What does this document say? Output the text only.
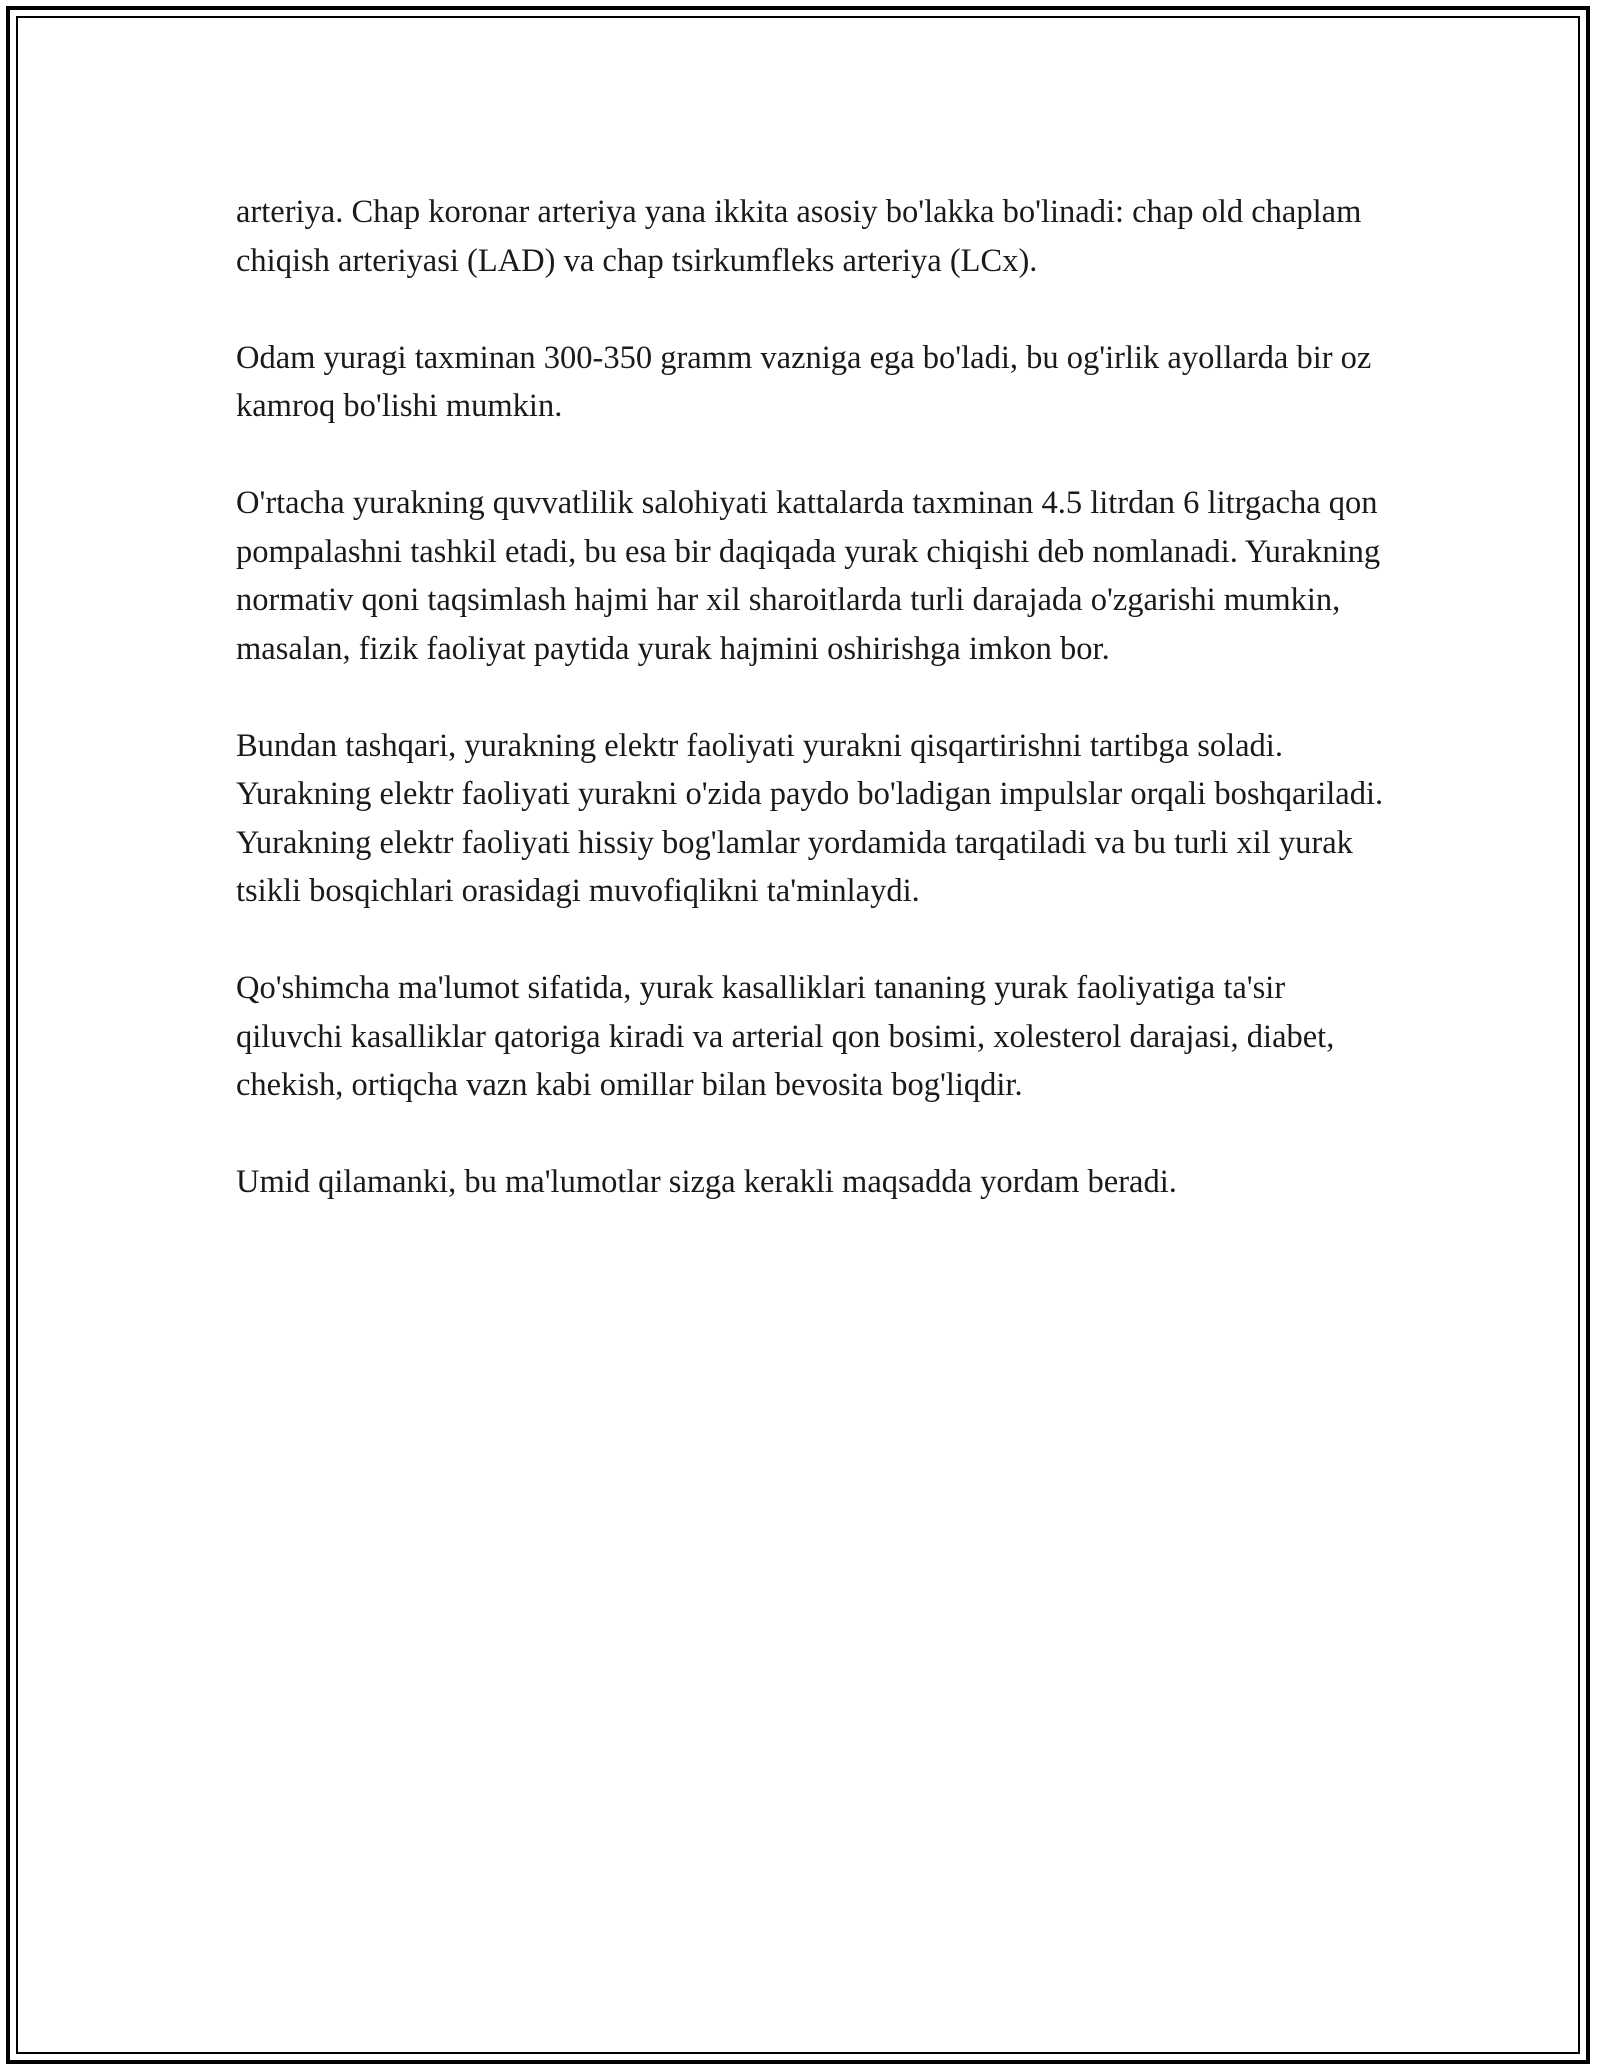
arteriya. Chap koronar arteriya yana ikkita asosiy bo'lakka bo'linadi: chap old chaplam chiqish arteriyasi (LAD) va chap tsirkumfleks arteriya (LCx).

Odam yuragi taxminan 300-350 gramm vazniga ega bo'ladi, bu og'irlik ayollarda bir oz kamroq bo'lishi mumkin.

O'rtacha yurakning quvvatlilik salohiyati kattalarda taxminan 4.5 litrdan 6 litrgacha qon pompalashni tashkil etadi, bu esa bir daqiqada yurak chiqishi deb nomlanadi. Yurakning normativ qoni taqsimlash hajmi har xil sharoitlarda turli darajada o'zgarishi mumkin, masalan, fizik faoliyat paytida yurak hajmini oshirishga imkon bor.

Bundan tashqari, yurakning elektr faoliyati yurakni qisqartirishni tartibga soladi. Yurakning elektr faoliyati yurakni o'zida paydo bo'ladigan impulslar orqali boshqariladi. Yurakning elektr faoliyati hissiy bog'lamlar yordamida tarqatiladi va bu turli xil yurak tsikli bosqichlari orasidagi muvofiqlikni ta'minlaydi.

Qo'shimcha ma'lumot sifatida, yurak kasalliklari tananing yurak faoliyatiga ta'sir qiluvchi kasalliklar qatoriga kiradi va arterial qon bosimi, xolesterol darajasi, diabet, chekish, ortiqcha vazn kabi omillar bilan bevosita bog'liqdir.

Umid qilamanki, bu ma'lumotlar sizga kerakli maqsadda yordam beradi.
